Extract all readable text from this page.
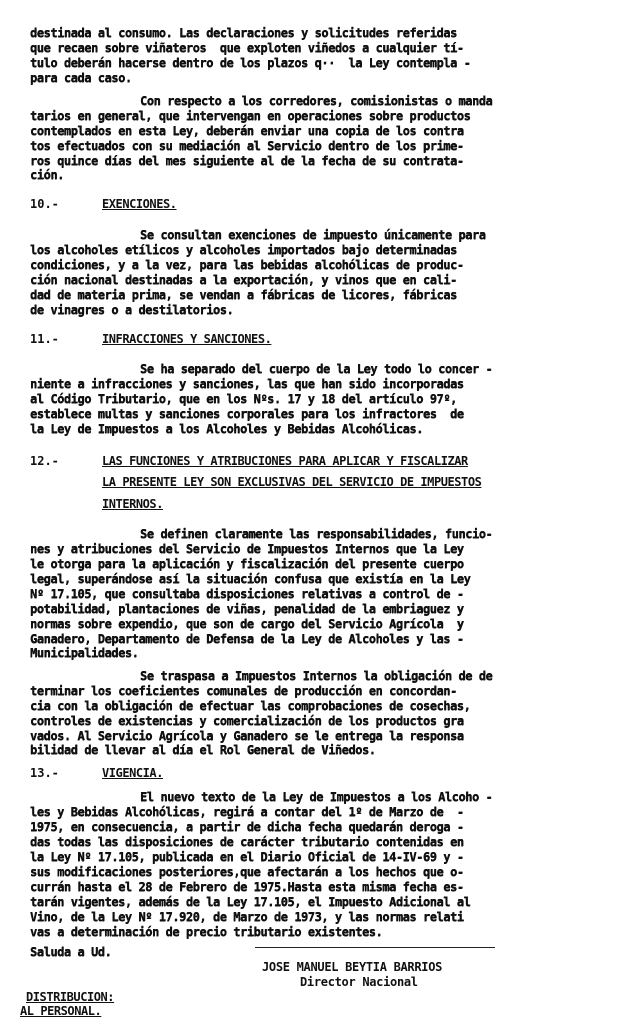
destinada al consumo. Las declaraciones y solicitudes referidas
que recaen sobre viñateros  que exploten viñedos a cualquier tí-
tulo deberán hacerse dentro de los plazos q··  la Ley contempla -
para cada caso.
Con respecto a los corredores, comisionistas o manda
tarios en general, que intervengan en operaciones sobre productos
contemplados en esta Ley, deberán enviar una copia de los contra
tos efectuados con su mediación al Servicio dentro de los prime-
ros quince días del mes siguiente al de la fecha de su contrata-
ción.
10.-	EXENCIONES.
Se consultan exenciones de impuesto únicamente para
los alcoholes etílicos y alcoholes importados bajo determinadas
condiciones, y a la vez, para las bebidas alcohólicas de produc-
ción nacional destinadas a la exportación, y vinos que en cali-
dad de materia prima, se vendan a fábricas de licores, fábricas
de vinagres o a destilatorios.
11.-	INFRACCIONES Y SANCIONES.
Se ha separado del cuerpo de la Ley todo lo concer -
niente a infracciones y sanciones, las que han sido incorporadas
al Código Tributario, que en los Nºs. 17 y 18 del artículo 97º,
establece multas y sanciones corporales para los infractores  de
la Ley de Impuestos a los Alcoholes y Bebidas Alcohólicas.
12.-	LAS FUNCIONES Y ATRIBUCIONES PARA APLICAR Y FISCALIZAR
LA PRESENTE LEY SON EXCLUSIVAS DEL SERVICIO DE IMPUESTOS
INTERNOS.
Se definen claramente las responsabilidades, funcio-
nes y atribuciones del Servicio de Impuestos Internos que la Ley
le otorga para la aplicación y fiscalización del presente cuerpo
legal, superándose así la situación confusa que existía en la Ley
Nº 17.105, que consultaba disposiciones relativas a control de -
potabilidad, plantaciones de viñas, penalidad de la embriaguez y
normas sobre expendio, que son de cargo del Servicio Agrícola  y
Ganadero, Departamento de Defensa de la Ley de Alcoholes y las -
Municipalidades.
Se traspasa a Impuestos Internos la obligación de de
terminar los coeficientes comunales de producción en concordan-
cia con la obligación de efectuar las comprobaciones de cosechas,
controles de existencias y comercialización de los productos gra
vados. Al Servicio Agrícola y Ganadero se le entrega la responsa
bilidad de llevar al día el Rol General de Viñedos.
13.-	VIGENCIA.
El nuevo texto de la Ley de Impuestos a los Alcoho -
les y Bebidas Alcohólicas, regirá a contar del 1º de Marzo de  -
1975, en consecuencia, a partir de dicha fecha quedarán deroga -
das todas las disposiciones de carácter tributario contenidas en
la Ley Nº 17.105, publicada en el Diario Oficial de 14-IV-69 y -
sus modificaciones posteriores,que afectarán a los hechos que o-
currán hasta el 28 de Febrero de 1975.Hasta esta misma fecha es-
tarán vigentes, además de la Ley 17.105, el Impuesto Adicional al
Vino, de la Ley Nº 17.920, de Marzo de 1973, y las normas relati
vas a determinación de precio tributario existentes.
Saluda a Ud.
JOSE MANUEL BEYTIA BARRIOS
Director Nacional
DISTRIBUCION:
AL PERSONAL.
